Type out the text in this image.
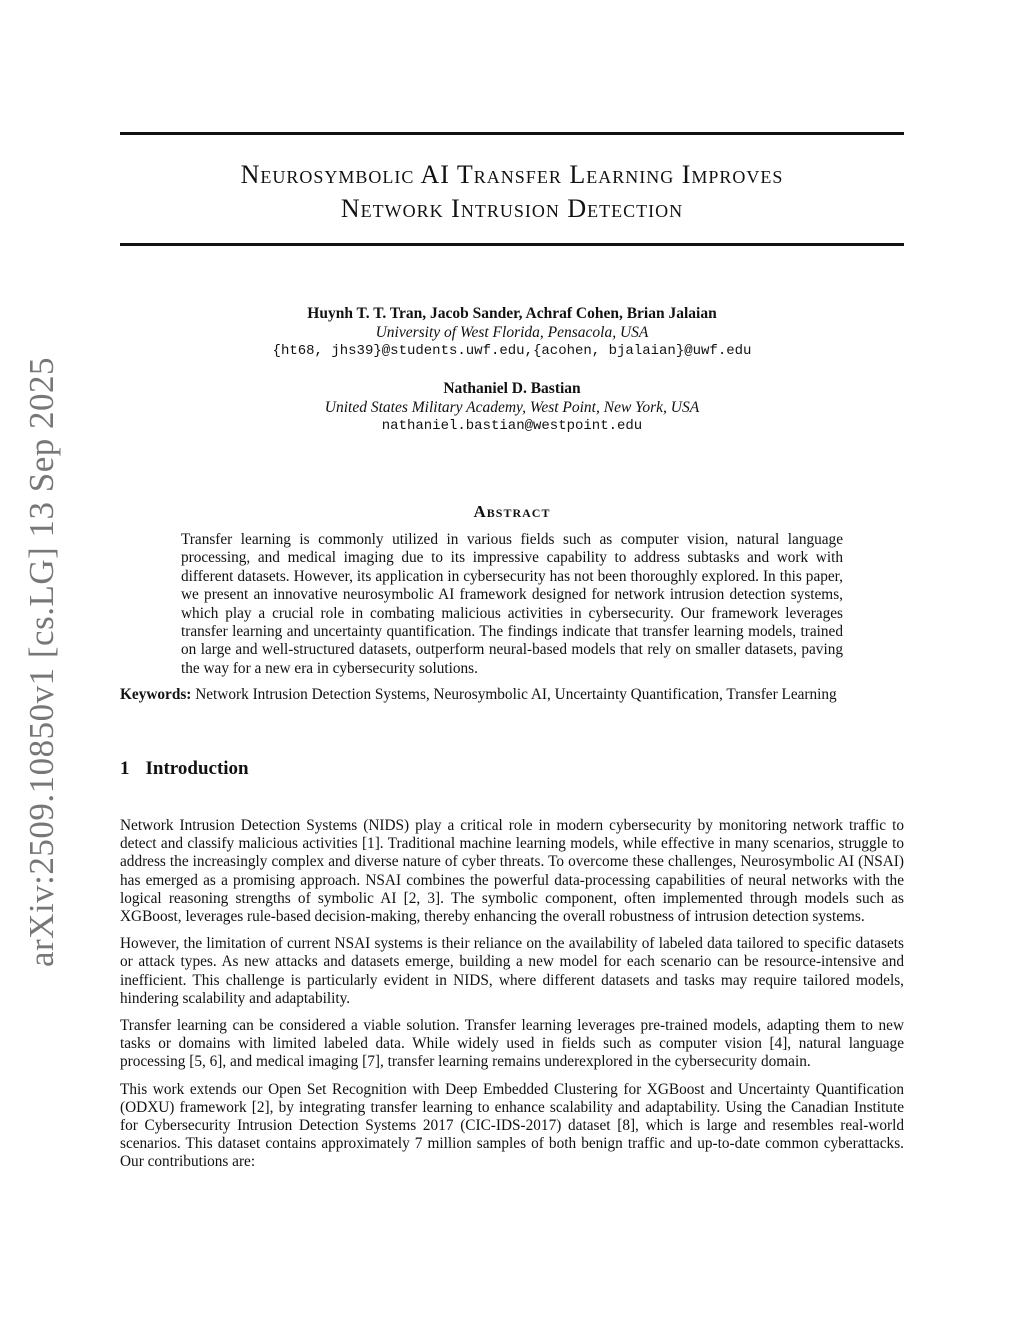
arXiv:2509.10850v1 [cs.LG] 13 Sep 2025
Neurosymbolic AI Transfer Learning Improves
Network Intrusion Detection
Huynh T. T. Tran, Jacob Sander, Achraf Cohen, Brian Jalaian
University of West Florida, Pensacola, USA
{ht68, jhs39}@students.uwf.edu,{acohen, bjalaian}@uwf.edu
Nathaniel D. Bastian
United States Military Academy, West Point, New York, USA
nathaniel.bastian@westpoint.edu
Abstract

Transfer learning is commonly utilized in various fields such as computer vision, natural language processing, and medical imaging due to its impressive capability to address subtasks and work with different datasets. However, its application in cybersecurity has not been thoroughly explored. In this paper, we present an innovative neurosymbolic AI framework designed for network intrusion detection systems, which play a crucial role in combating malicious activities in cybersecurity. Our framework leverages transfer learning and uncertainty quantification. The findings indicate that transfer learning models, trained on large and well-structured datasets, outperform neural-based models that rely on smaller datasets, paving the way for a new era in cybersecurity solutions.

Keywords: Network Intrusion Detection Systems, Neurosymbolic AI, Uncertainty Quantification, Transfer Learning

1 Introduction

Network Intrusion Detection Systems (NIDS) play a critical role in modern cybersecurity by monitoring network traffic to detect and classify malicious activities [1]. Traditional machine learning models, while effective in many scenarios, struggle to address the increasingly complex and diverse nature of cyber threats. To overcome these challenges, Neurosymbolic AI (NSAI) has emerged as a promising approach. NSAI combines the powerful data-processing capabilities of neural networks with the logical reasoning strengths of symbolic AI [2, 3]. The symbolic component, often implemented through models such as XGBoost, leverages rule-based decision-making, thereby enhancing the overall robustness of intrusion detection systems.

However, the limitation of current NSAI systems is their reliance on the availability of labeled data tailored to specific datasets or attack types. As new attacks and datasets emerge, building a new model for each scenario can be resource-intensive and inefficient. This challenge is particularly evident in NIDS, where different datasets and tasks may require tailored models, hindering scalability and adaptability.

Transfer learning can be considered a viable solution. Transfer learning leverages pre-trained models, adapting them to new tasks or domains with limited labeled data. While widely used in fields such as computer vision [4], natural language processing [5, 6], and medical imaging [7], transfer learning remains underexplored in the cybersecurity domain.

This work extends our Open Set Recognition with Deep Embedded Clustering for XGBoost and Uncertainty Quantification (ODXU) framework [2], by integrating transfer learning to enhance scalability and adaptability. Using the Canadian Institute for Cybersecurity Intrusion Detection Systems 2017 (CIC-IDS-2017) dataset [8], which is large and resembles real-world scenarios. This dataset contains approximately 7 million samples of both benign traffic and up-to-date common cyberattacks. Our contributions are:
